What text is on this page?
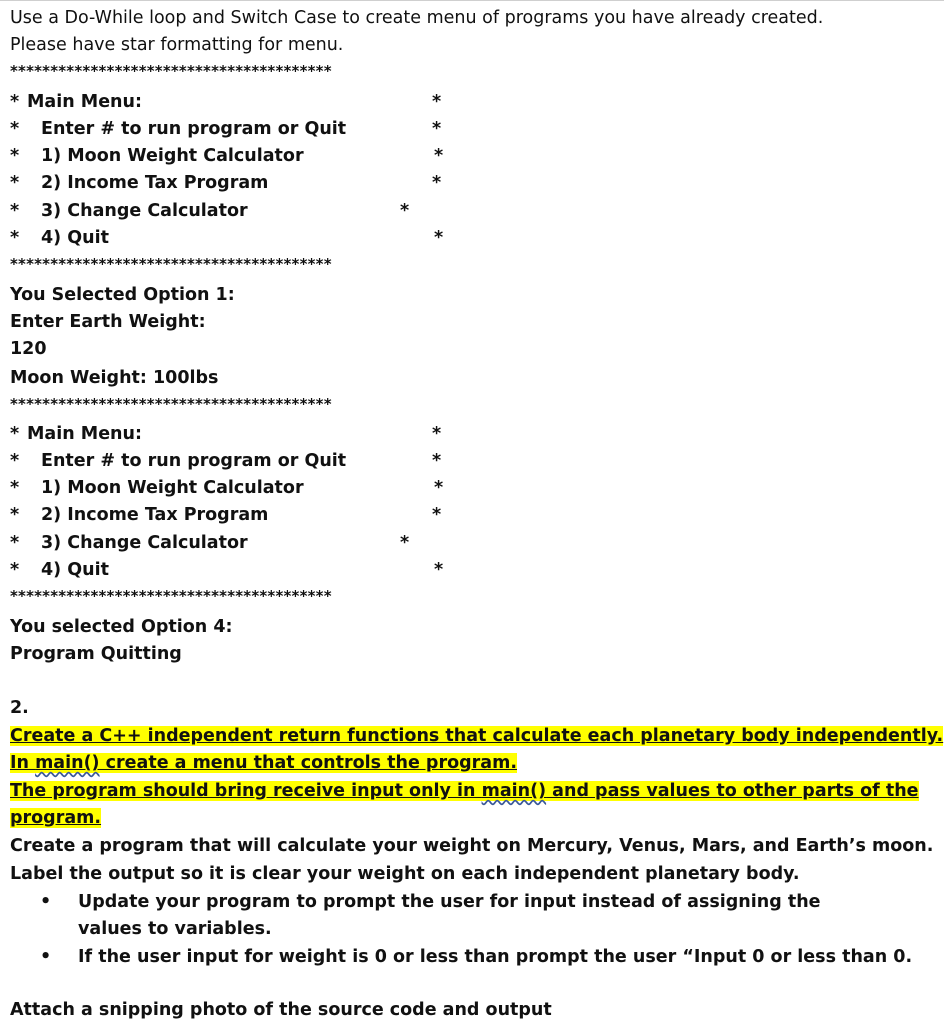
Use a Do-While loop and Switch Case to create menu of programs you have already created.
Please have star formatting for menu.
****************************************
* Main Menu:	*
* Enter # to run program or Quit	*
* 1) Moon Weight Calculator	*
* 2) Income Tax Program	*
* 3) Change Calculator	*
* 4) Quit	*
****************************************
You Selected Option 1:
Enter Earth Weight:
120
Moon Weight: 100lbs
****************************************
* Main Menu:	*
* Enter # to run program or Quit	*
* 1) Moon Weight Calculator	*
* 2) Income Tax Program	*
* 3) Change Calculator	*
* 4) Quit	*
****************************************
You selected Option 4:
Program Quitting
2.
Create a C++ independent return functions that calculate each planetary body independently.
In main() create a menu that controls the program.
The program should bring receive input only in main() and pass values to other parts of the
program.
Create a program that will calculate your weight on Mercury, Venus, Mars, and Earth’s moon.
Label the output so it is clear your weight on each independent planetary body.
• Update your program to prompt the user for input instead of assigning the values to variables.
• If the user input for weight is 0 or less than prompt the user “Input 0 or less than 0.
Attach a snipping photo of the source code and output
